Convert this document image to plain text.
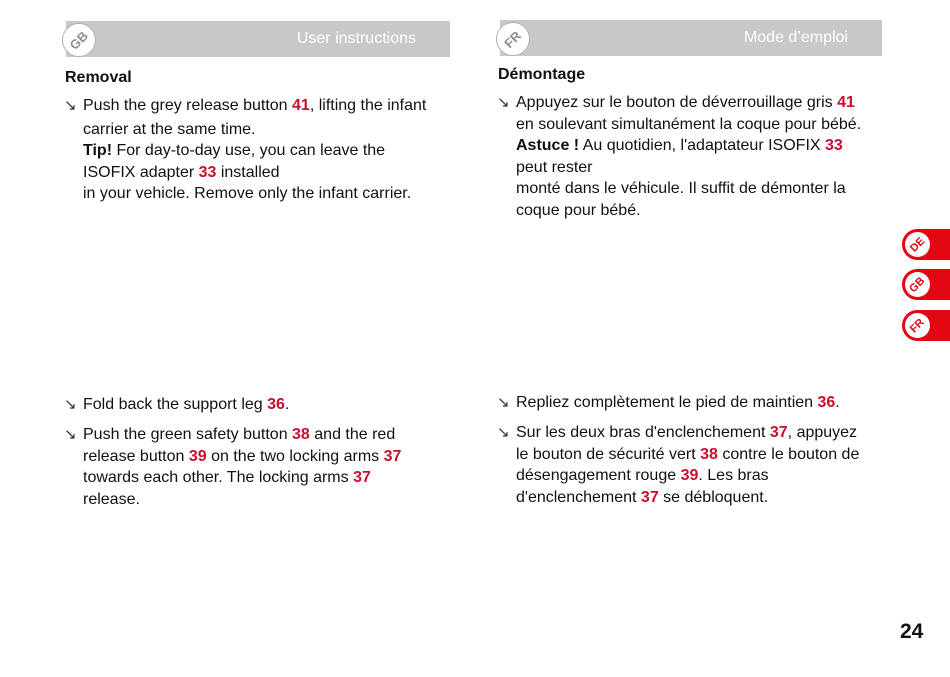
GB	User instructions	FR	Mode d’emploi
Removal
↘ Push the grey release button 41, lifting the infant
carrier at the same time.
Tip! For day-to-day use, you can leave the
ISOFIX adapter 33 installed
in your vehicle. Remove only the infant carrier.
↘ Fold back the support leg 36.
↘ Push the green safety button 38 and the red
release button 39 on the two locking arms 37
towards each other. The locking arms 37
release.
Démontage
↘ Appuyez sur le bouton de déverrouillage gris 41
en soulevant simultanément la coque pour bébé.
Astuce ! Au quotidien, l'adaptateur ISOFIX 33
peut rester
monté dans le véhicule. Il suffit de démonter la
coque pour bébé.
↘ Repliez complètement le pied de maintien 36.
↘ Sur les deux bras d'enclenchement 37, appuyez
le bouton de sécurité vert 38 contre le bouton de
désengagement rouge 39. Les bras
d'enclenchement 37 se débloquent.
DE
GB
FR
24
